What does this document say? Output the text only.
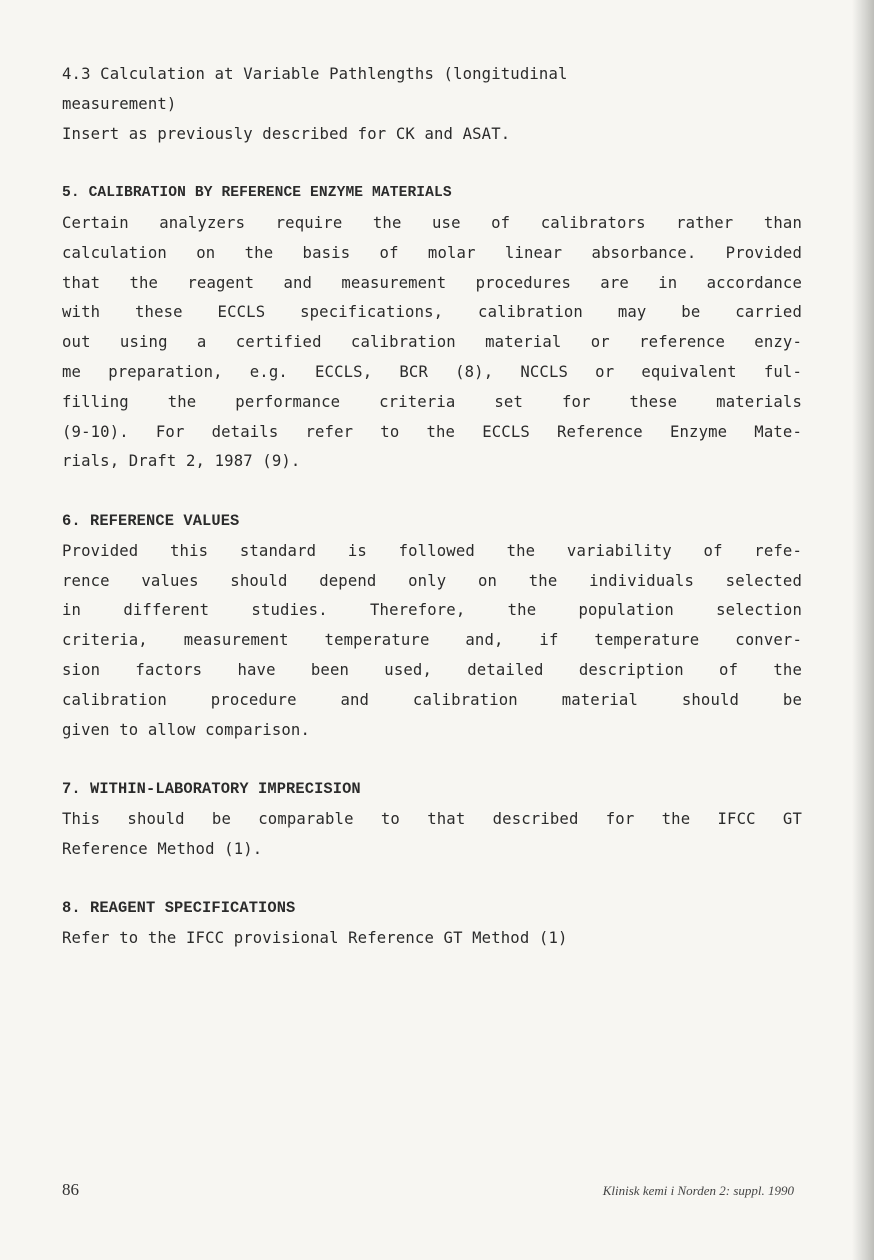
4.3 Calculation at Variable Pathlengths (longitudinal
measurement)
Insert as previously described for CK and ASAT.
5. CALIBRATION BY REFERENCE ENZYME MATERIALS
Certain analyzers require the use of calibrators rather than
calculation on the basis of molar linear absorbance. Provided
that the reagent and measurement procedures are in accordance
with these ECCLS specifications, calibration may be carried
out using a certified calibration material or reference enzy-
me preparation, e.g. ECCLS, BCR (8), NCCLS or equivalent ful-
filling the performance criteria set for these materials
(9-10). For details refer to the ECCLS Reference Enzyme Mate-
rials, Draft 2, 1987 (9).
6. REFERENCE VALUES
Provided this standard is followed the variability of refe-
rence values should depend only on the individuals selected
in different studies. Therefore, the population selection
criteria, measurement temperature and, if temperature conver-
sion factors have been used, detailed description of the
calibration procedure and calibration material should be
given to allow comparison.
7. WITHIN-LABORATORY IMPRECISION
This should be comparable to that described for the IFCC GT
Reference Method (1).
8. REAGENT SPECIFICATIONS
Refer to the IFCC provisional Reference GT Method (1)
86	Klinisk kemi i Norden 2: suppl. 1990
